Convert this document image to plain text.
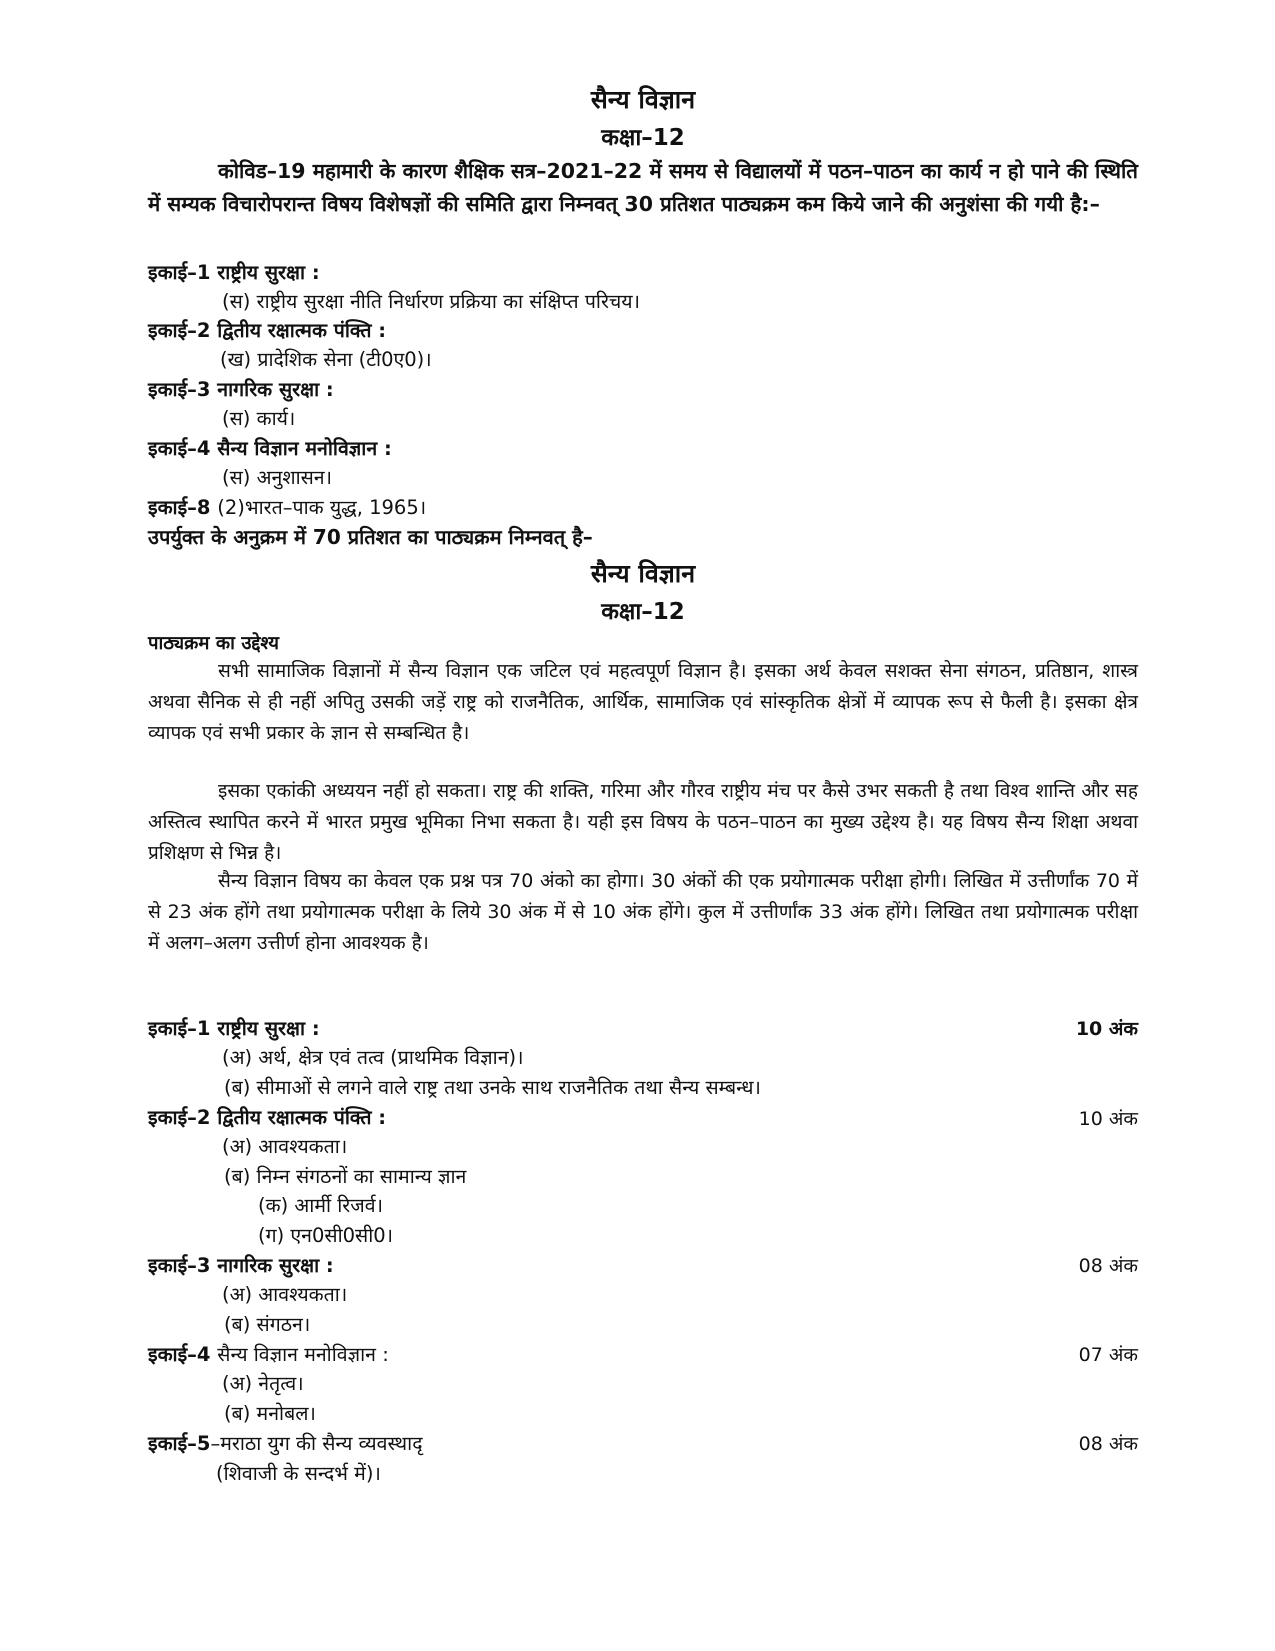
सैन्य विज्ञान
कक्षा–12
कोविड–19 महामारी के कारण शैक्षिक सत्र–2021–22 में समय से विद्यालयों में पठन–पाठन का कार्य न हो पाने की स्थिति में सम्यक विचारोपरान्त विषय विशेषज्ञों की समिति द्वारा निम्नवत् 30 प्रतिशत पाठ्यक्रम कम किये जाने की अनुशंसा की गयी है:–
इकाई–1 राष्ट्रीय सुरक्षा :
(स) राष्ट्रीय सुरक्षा नीति निर्धारण प्रक्रिया का संक्षिप्त परिचय।
इकाई–2 द्वितीय रक्षात्मक पंक्ति :
(ख) प्रादेशिक सेना (टी0ए0)।
इकाई–3 नागरिक सुरक्षा :
(स) कार्य।
इकाई–4 सैन्य विज्ञान मनोविज्ञान :
(स) अनुशासन।
इकाई–8 (2)भारत–पाक युद्ध, 1965।
उपर्युक्त के अनुक्रम में 70 प्रतिशत का पाठ्यक्रम निम्नवत् है–
सैन्य विज्ञान
कक्षा–12
पाठ्यक्रम का उद्देश्य
सभी सामाजिक विज्ञानों में सैन्य विज्ञान एक जटिल एवं महत्वपूर्ण विज्ञान है। इसका अर्थ केवल सशक्त सेना संगठन, प्रतिष्ठान, शास्त्र अथवा सैनिक से ही नहीं अपितु उसकी जड़ें राष्ट्र को राजनैतिक, आर्थिक, सामाजिक एवं सांस्कृतिक क्षेत्रों में व्यापक रूप से फैली है। इसका क्षेत्र व्यापक एवं सभी प्रकार के ज्ञान से सम्बन्धित है।
इसका एकांकी अध्ययन नहीं हो सकता। राष्ट्र की शक्ति, गरिमा और गौरव राष्ट्रीय मंच पर कैसे उभर सकती है तथा विश्व शान्ति और सह अस्तित्व स्थापित करने में भारत प्रमुख भूमिका निभा सकता है। यही इस विषय के पठन–पाठन का मुख्य उद्देश्य है। यह विषय सैन्य शिक्षा अथवा प्रशिक्षण से भिन्न है।
सैन्य विज्ञान विषय का केवल एक प्रश्न पत्र 70 अंको का होगा। 30 अंकों की एक प्रयोगात्मक परीक्षा होगी। लिखित में उत्तीर्णांक 70 में से 23 अंक होंगे तथा प्रयोगात्मक परीक्षा के लिये 30 अंक में से 10 अंक होंगे। कुल में उत्तीर्णांक 33 अंक होंगे। लिखित तथा प्रयोगात्मक परीक्षा में अलग–अलग उत्तीर्ण होना आवश्यक है।
इकाई–1 राष्ट्रीय सुरक्षा :	10 अंक
(अ) अर्थ, क्षेत्र एवं तत्व (प्राथमिक विज्ञान)।
(ब) सीमाओं से लगने वाले राष्ट्र तथा उनके साथ राजनैतिक तथा सैन्य सम्बन्ध।
इकाई–2 द्वितीय रक्षात्मक पंक्ति :	10 अंक
(अ) आवश्यकता।
(ब) निम्न संगठनों का सामान्य ज्ञान
(क) आर्मी रिजर्व।
(ग) एन0सी0सी0।
इकाई–3 नागरिक सुरक्षा :	08 अंक
(अ) आवश्यकता।
(ब) संगठन।
इकाई–4 सैन्य विज्ञान मनोविज्ञान :	07 अंक
(अ) नेतृत्व।
(ब) मनोबल।
इकाई–5–मराठा युग की सैन्य व्यवस्थादृ	08 अंक
(शिवाजी के सन्दर्भ में)।
